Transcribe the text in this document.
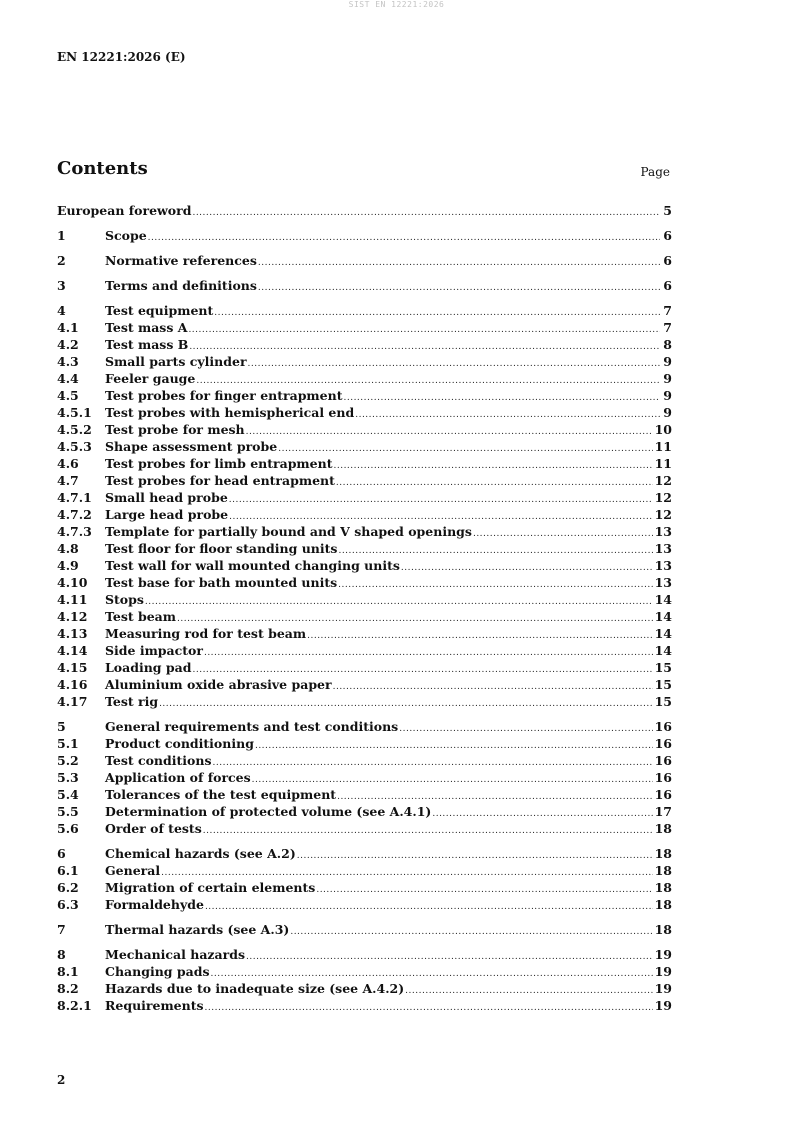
SIST EN 12221:2026
EN 12221:2026 (E)
Contents	Page
European foreword .....	5
1	Scope .....	6
2	Normative references .....	6
3	Terms and definitions .....	6
4	Test equipment .....	7
4.1	Test mass A .....	7
4.2	Test mass B .....	8
4.3	Small parts cylinder .....	9
4.4	Feeler gauge .....	9
4.5	Test probes for finger entrapment .....	9
4.5.1	Test probes with hemispherical end .....	9
4.5.2	Test probe for mesh .....	10
4.5.3	Shape assessment probe .....	11
4.6	Test probes for limb entrapment .....	11
4.7	Test probes for head entrapment .....	12
4.7.1	Small head probe .....	12
4.7.2	Large head probe .....	12
4.7.3	Template for partially bound and V shaped openings .....	13
4.8	Test floor for floor standing units .....	13
4.9	Test wall for wall mounted changing units .....	13
4.10	Test base for bath mounted units .....	13
4.11	Stops .....	14
4.12	Test beam .....	14
4.13	Measuring rod for test beam .....	14
4.14	Side impactor .....	14
4.15	Loading pad .....	15
4.16	Aluminium oxide abrasive paper .....	15
4.17	Test rig .....	15
5	General requirements and test conditions .....	16
5.1	Product conditioning .....	16
5.2	Test conditions .....	16
5.3	Application of forces .....	16
5.4	Tolerances of the test equipment .....	16
5.5	Determination of protected volume (see A.4.1) .....	17
5.6	Order of tests .....	18
6	Chemical hazards (see A.2) .....	18
6.1	General .....	18
6.2	Migration of certain elements .....	18
6.3	Formaldehyde .....	18
7	Thermal hazards (see A.3) .....	18
8	Mechanical hazards .....	19
8.1	Changing pads .....	19
8.2	Hazards due to inadequate size (see A.4.2) .....	19
8.2.1	Requirements .....	19
2
